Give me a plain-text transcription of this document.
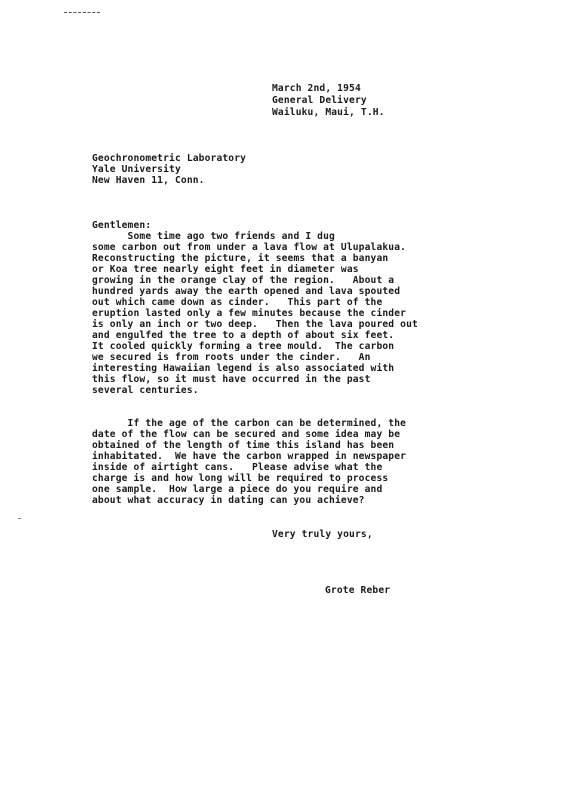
March 2nd, 1954
General Delivery
Wailuku, Maui, T.H.
Geochronometric Laboratory
Yale University
New Haven 11, Conn.
Gentlemen:
Some time ago two friends and I dug
some carbon out from under a lava flow at Ulupalakua.
Reconstructing the picture, it seems that a banyan
or Koa tree nearly eight feet in diameter was
growing in the orange clay of the region.   About a
hundred yards away the earth opened and lava spouted
out which came down as cinder.   This part of the
eruption lasted only a few minutes because the cinder
is only an inch or two deep.   Then the lava poured out
and engulfed the tree to a depth of about six feet.
It cooled quickly forming a tree mould.  The carbon
we secured is from roots under the cinder.   An
interesting Hawaiian legend is also associated with
this flow, so it must have occurred in the past
several centuries.
If the age of the carbon can be determined, the
date of the flow can be secured and some idea may be
obtained of the length of time this island has been
inhabitated.  We have the carbon wrapped in newspaper
inside of airtight cans.   Please advise what the
charge is and how long will be required to process
one sample.  How large a piece do you require and
about what accuracy in dating can you achieve?
Very truly yours,
Grote Reber
